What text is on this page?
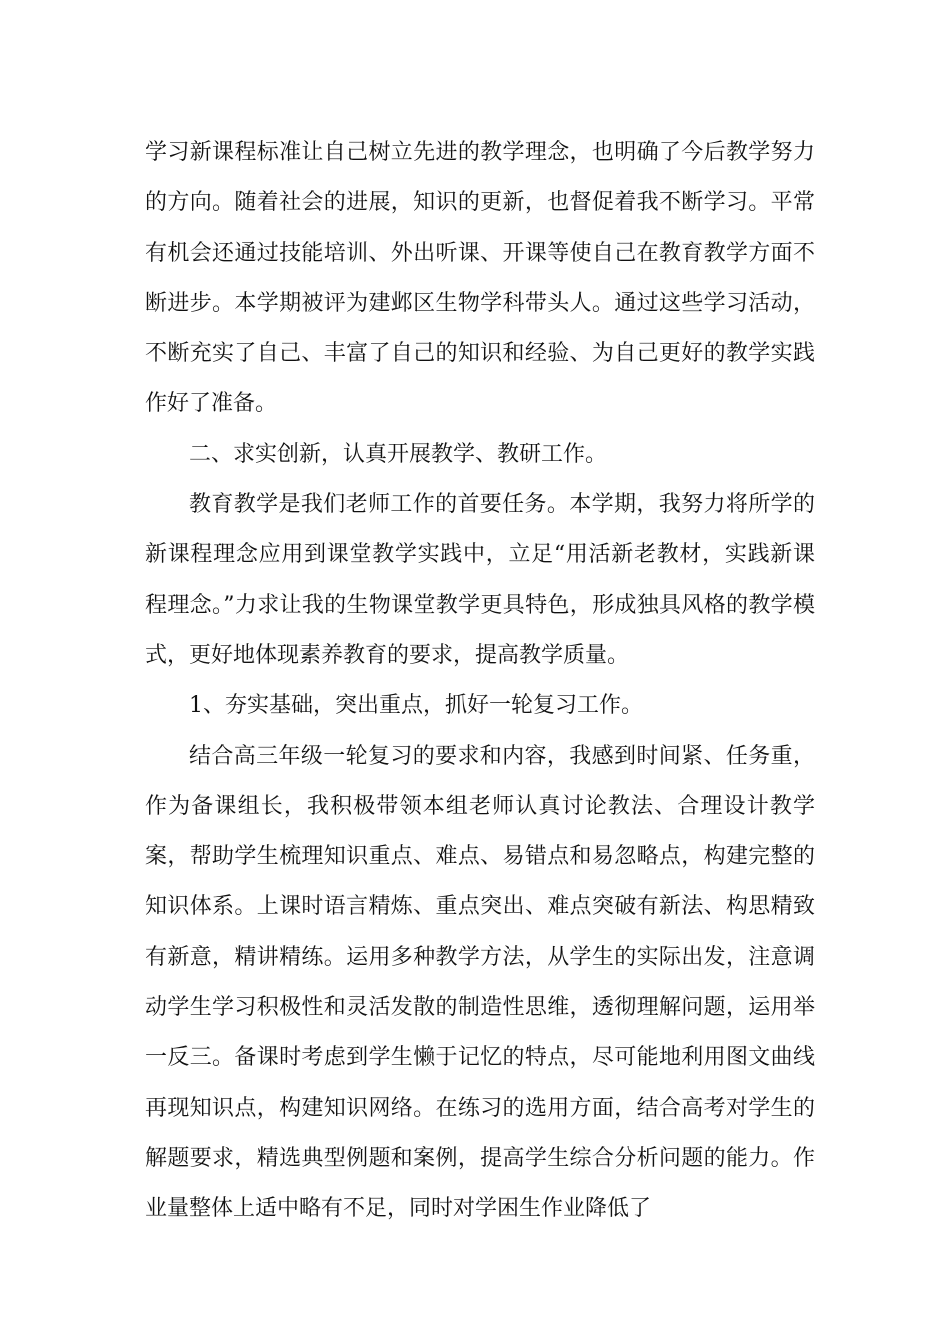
学习新课程标准让自己树立先进的教学理念，也明确了今后教学努力的方向。随着社会的进展，知识的更新，也督促着我不断学习。平常有机会还通过技能培训、外出听课、开课等使自己在教育教学方面不断进步。本学期被评为建邺区生物学科带头人。通过这些学习活动，不断充实了自己、丰富了自己的知识和经验、为自己更好的教学实践作好了准备。

二、求实创新，认真开展教学、教研工作。

教育教学是我们老师工作的首要任务。本学期，我努力将所学的新课程理念应用到课堂教学实践中，立足“用活新老教材，实践新课程理念。”力求让我的生物课堂教学更具特色，形成独具风格的教学模式，更好地体现素养教育的要求，提高教学质量。

1、夯实基础，突出重点，抓好一轮复习工作。

结合高三年级一轮复习的要求和内容，我感到时间紧、任务重，作为备课组长，我积极带领本组老师认真讨论教法、合理设计教学案，帮助学生梳理知识重点、难点、易错点和易忽略点，构建完整的知识体系。上课时语言精炼、重点突出、难点突破有新法、构思精致有新意，精讲精练。运用多种教学方法，从学生的实际出发，注意调动学生学习积极性和灵活发散的制造性思维，透彻理解问题，运用举一反三。备课时考虑到学生懒于记忆的特点，尽可能地利用图文曲线再现知识点，构建知识网络。在练习的选用方面，结合高考对学生的解题要求，精选典型例题和案例，提高学生综合分析问题的能力。作业量整体上适中略有不足，同时对学困生作业降低了
